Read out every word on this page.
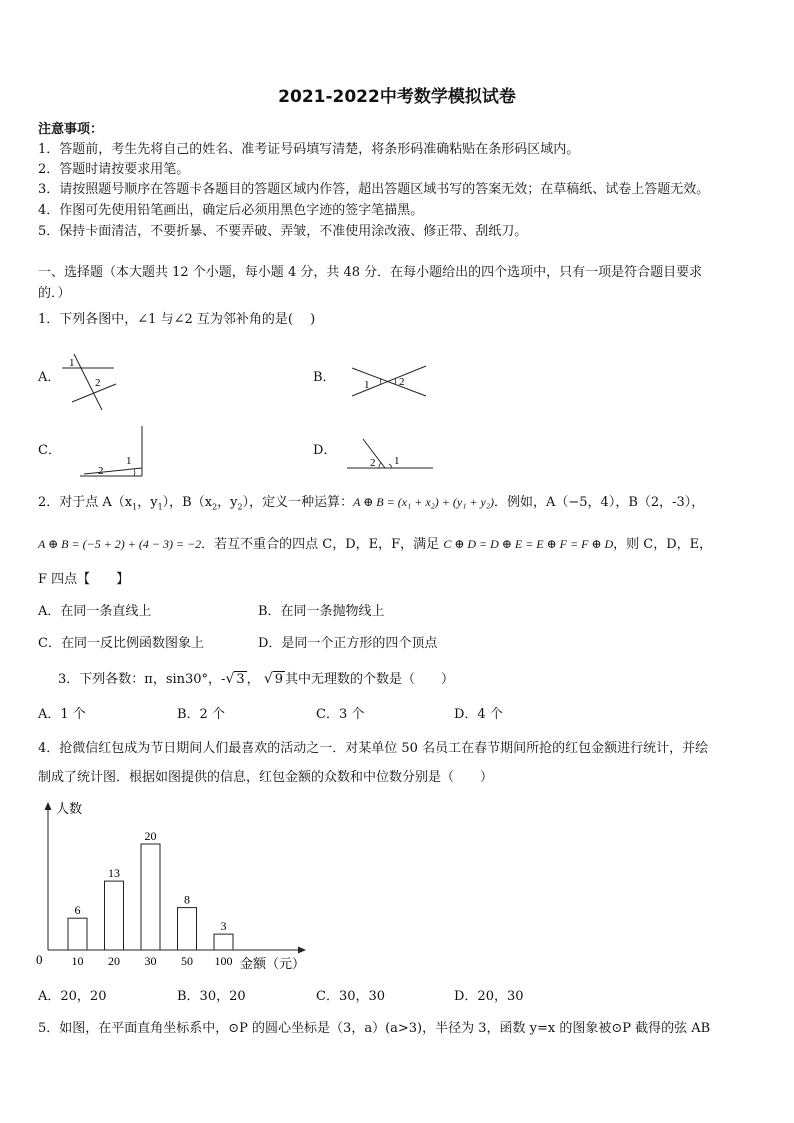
2021-2022中考数学模拟试卷
注意事项：
1．答题前，考生先将自己的姓名、准考证号码填写清楚，将条形码准确粘贴在条形码区域内。
2．答题时请按要求用笔。
3．请按照题号顺序在答题卡各题目的答题区域内作答，超出答题区域书写的答案无效；在草稿纸、试卷上答题无效。
4．作图可先使用铅笔画出，确定后必须用黑色字迹的签字笔描黑。
5．保持卡面清洁，不要折暴、不要弄破、弄皱，不准使用涂改液、修正带、刮纸刀。
一、选择题（本大题共 12 个小题，每小题 4 分，共 48 分．在每小题给出的四个选项中，只有一项是符合题目要求
的．）
1．下列各图中，∠1 与∠2 互为邻补角的是(　 )
A．
1
2	B．	1	2
C．
2
1
D．
2 1
2．对于点 $A(x_1$，$y_1$），$B(x_2$，$y_2$），定义一种运算：A ⊕ B = (x₁ + x₂) + (y₁ + y₂)．例如，A（−5，4），B（2，-3），
A ⊕ B = (−5 + 2) + (4 − 3) = −2．若互不重合的四点 C，D，E，F，满足 C ⊕ D = D ⊕ E = E ⊕ F = F ⊕ D，则 C，D，E，
F 四点【　　】
A．在同一条直线上	B．在同一条抛物线上
C．在同一反比例函数图象上	D．是同一个正方形的四个顶点
3．下列各数：π，sin30°，-√ 3 ， √ 9 其中无理数的个数是（　　）
A．1 个	B．2 个	C．3 个	D．4 个
4．抢微信红包成为节日期间人们最喜欢的活动之一．对某单位 50 名员工在春节期间所抢的红包金额进行统计，并绘
制成了统计图．根据如图提供的信息，红包金额的众数和中位数分别是（　　）
人数
金额（元）
0
6
10
13
20
20
30
8
50
3
100
A．20，20	B．30，20	C．30，30	D．20，30
5．如图，在平面直角坐标系中，⊙P 的圆心坐标是（3，a）(a>3)，半径为 3，函数 y=x 的图象被⊙P 截得的弦 AB
